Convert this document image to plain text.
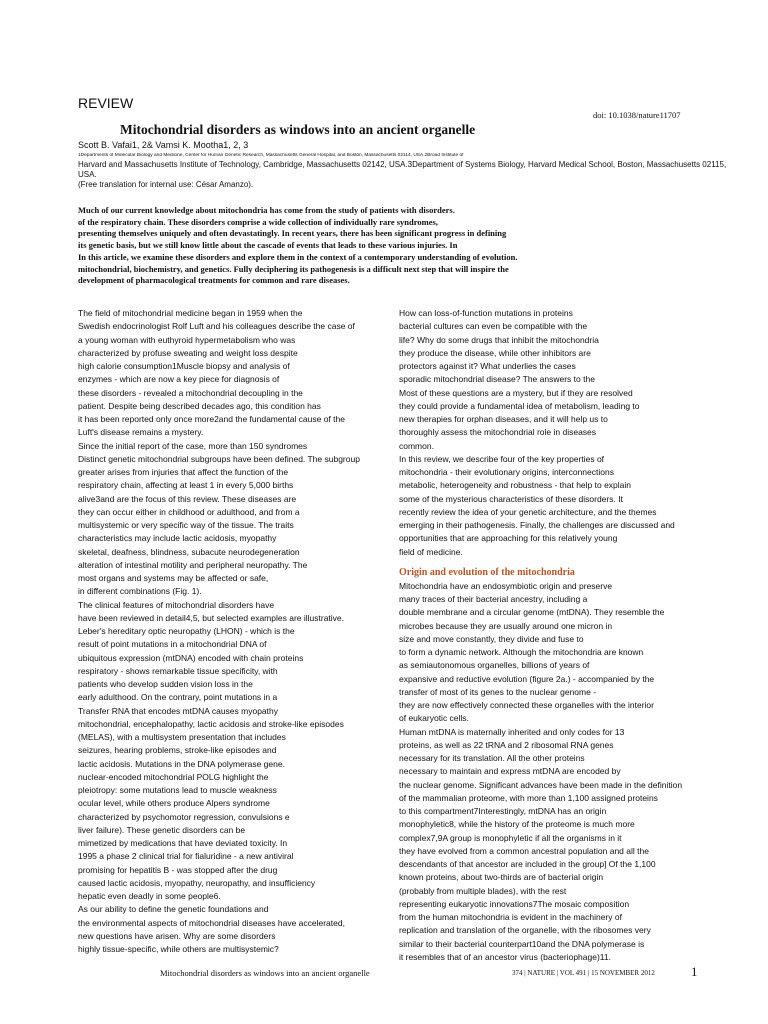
REVIEW
doi: 10.1038/nature11707
Mitochondrial disorders as windows into an ancient organelle
Scott B. Vafai1, 2& Vamsi K. Mootha1, 2, 3
1Departments of Molecular Biology and Medicine, Center for Human Genetic Research, Massachusetts General Hospital, and Boston, Massachusetts 02114, USA.2Broad Institute of
Harvard and Massachusetts Institute of Technology, Cambridge, Massachusetts 02142, USA.3Department of Systems Biology, Harvard Medical School, Boston, Massachusetts 02115,
USA.
(Free translation for internal use: César Amanzo).
Much of our current knowledge about mitochondria has come from the study of patients with disorders.
of the respiratory chain. These disorders comprise a wide collection of individually rare syndromes,
presenting themselves uniquely and often devastatingly. In recent years, there has been significant progress in defining
its genetic basis, but we still know little about the cascade of events that leads to these various injuries. In
In this article, we examine these disorders and explore them in the context of a contemporary understanding of evolution.
mitochondrial, biochemistry, and genetics. Fully deciphering its pathogenesis is a difficult next step that will inspire the
development of pharmacological treatments for common and rare diseases.
The field of mitochondrial medicine began in 1959 when the
Swedish endocrinologist Rolf Luft and his colleagues describe the case of
a young woman with euthyroid hypermetabolism who was
characterized by profuse sweating and weight loss despite
high calorie consumption1Muscle biopsy and analysis of
enzymes - which are now a key piece for diagnosis of
these disorders - revealed a mitochondrial decoupling in the
patient. Despite being described decades ago, this condition has
it has been reported only once more2and the fundamental cause of the
Luft's disease remains a mystery.
Since the initial report of the case, more than 150 syndromes
Distinct genetic mitochondrial subgroups have been defined. The subgroup
greater arises from injuries that affect the function of the
respiratory chain, affecting at least 1 in every 5,000 births
alive3and are the focus of this review. These diseases are
they can occur either in childhood or adulthood, and from a
multisystemic or very specific way of the tissue. The traits
characteristics may include lactic acidosis, myopathy
skeletal, deafness, blindness, subacute neurodegeneration
alteration of intestinal motility and peripheral neuropathy. The
most organs and systems may be affected or safe,
in different combinations (Fig. 1).
The clinical features of mitochondrial disorders have
have been reviewed in detail4,5, but selected examples are illustrative.
Leber's hereditary optic neuropathy (LHON) - which is the
result of point mutations in a mitochondrial DNA of
ubiquitous expression (mtDNA) encoded with chain proteins
respiratory - shows remarkable tissue specificity, with
patients who develop sudden vision loss in the
early adulthood. On the contrary, point mutations in a
Transfer RNA that encodes mtDNA causes myopathy
mitochondrial, encephalopathy, lactic acidosis and stroke-like episodes
(MELAS), with a multisystem presentation that includes
seizures, hearing problems, stroke-like episodes and
lactic acidosis. Mutations in the DNA polymerase gene.
nuclear-encoded mitochondrial POLG highlight the
pleiotropy: some mutations lead to muscle weakness
ocular level, while others produce Alpers syndrome
characterized by psychomotor regression, convulsions e
liver failure). These genetic disorders can be
mimetized by medications that have deviated toxicity. In
1995 a phase 2 clinical trial for fialuridine - a new antiviral
promising for hepatitis B - was stopped after the drug
caused lactic acidosis, myopathy, neuropathy, and insufficiency
hepatic even deadly in some people6.
As our ability to define the genetic foundations and
the environmental aspects of mitochondrial diseases have accelerated,
new questions have arisen. Why are some disorders
highly tissue-specific, while others are multisystemic?
How can loss-of-function mutations in proteins
bacterial cultures can even be compatible with the
life? Why do some drugs that inhibit the mitochondria
they produce the disease, while other inhibitors are
protectors against it? What underlies the cases
sporadic mitochondrial disease? The answers to the
Most of these questions are a mystery, but if they are resolved
they could provide a fundamental idea of metabolism, leading to
new therapies for orphan diseases, and it will help us to
thoroughly assess the mitochondrial role in diseases
common.
In this review, we describe four of the key properties of
mitochondria - their evolutionary origins, interconnections
metabolic, heterogeneity and robustness - that help to explain
some of the mysterious characteristics of these disorders. It
recently review the idea of your genetic architecture, and the themes
emerging in their pathogenesis. Finally, the challenges are discussed and
opportunities that are approaching for this relatively young
field of medicine.
Origin and evolution of the mitochondria
Mitochondria have an endosymbiotic origin and preserve
many traces of their bacterial ancestry, including a
double membrane and a circular genome (mtDNA). They resemble the
microbes because they are usually around one micron in
size and move constantly, they divide and fuse to
to form a dynamic network. Although the mitochondria are known
as semiautonomous organelles, billions of years of
expansive and reductive evolution (figure 2a.) - accompanied by the
transfer of most of its genes to the nuclear genome -
they are now effectively connected these organelles with the interior
of eukaryotic cells.
Human mtDNA is maternally inherited and only codes for 13
proteins, as well as 22 tRNA and 2 ribosomal RNA genes
necessary for its translation. All the other proteins
necessary to maintain and express mtDNA are encoded by
the nuclear genome. Significant advances have been made in the definition
of the mammalian proteome, with more than 1,100 assigned proteins
to this compartment7Interestingly, mtDNA has an origin
monophyletic8, while the history of the proteome is much more
complex7,9A group is monophyletic if all the organisms in it
they have evolved from a common ancestral population and all the
descendants of that ancestor are included in the group] Of the 1,100
known proteins, about two-thirds are of bacterial origin
(probably from multiple blades), with the rest
representing eukaryotic innovations7The mosaic composition
from the human mitochondria is evident in the machinery of
replication and translation of the organelle, with the ribosomes very
similar to their bacterial counterpart10and the DNA polymerase is
it resembles that of an ancestor virus (bacteriophage)11.
Mitochondrial disorders as windows into an ancient organelle	374 | NATURE | VOL 491 | 15 NOVEMBER 2012	1
